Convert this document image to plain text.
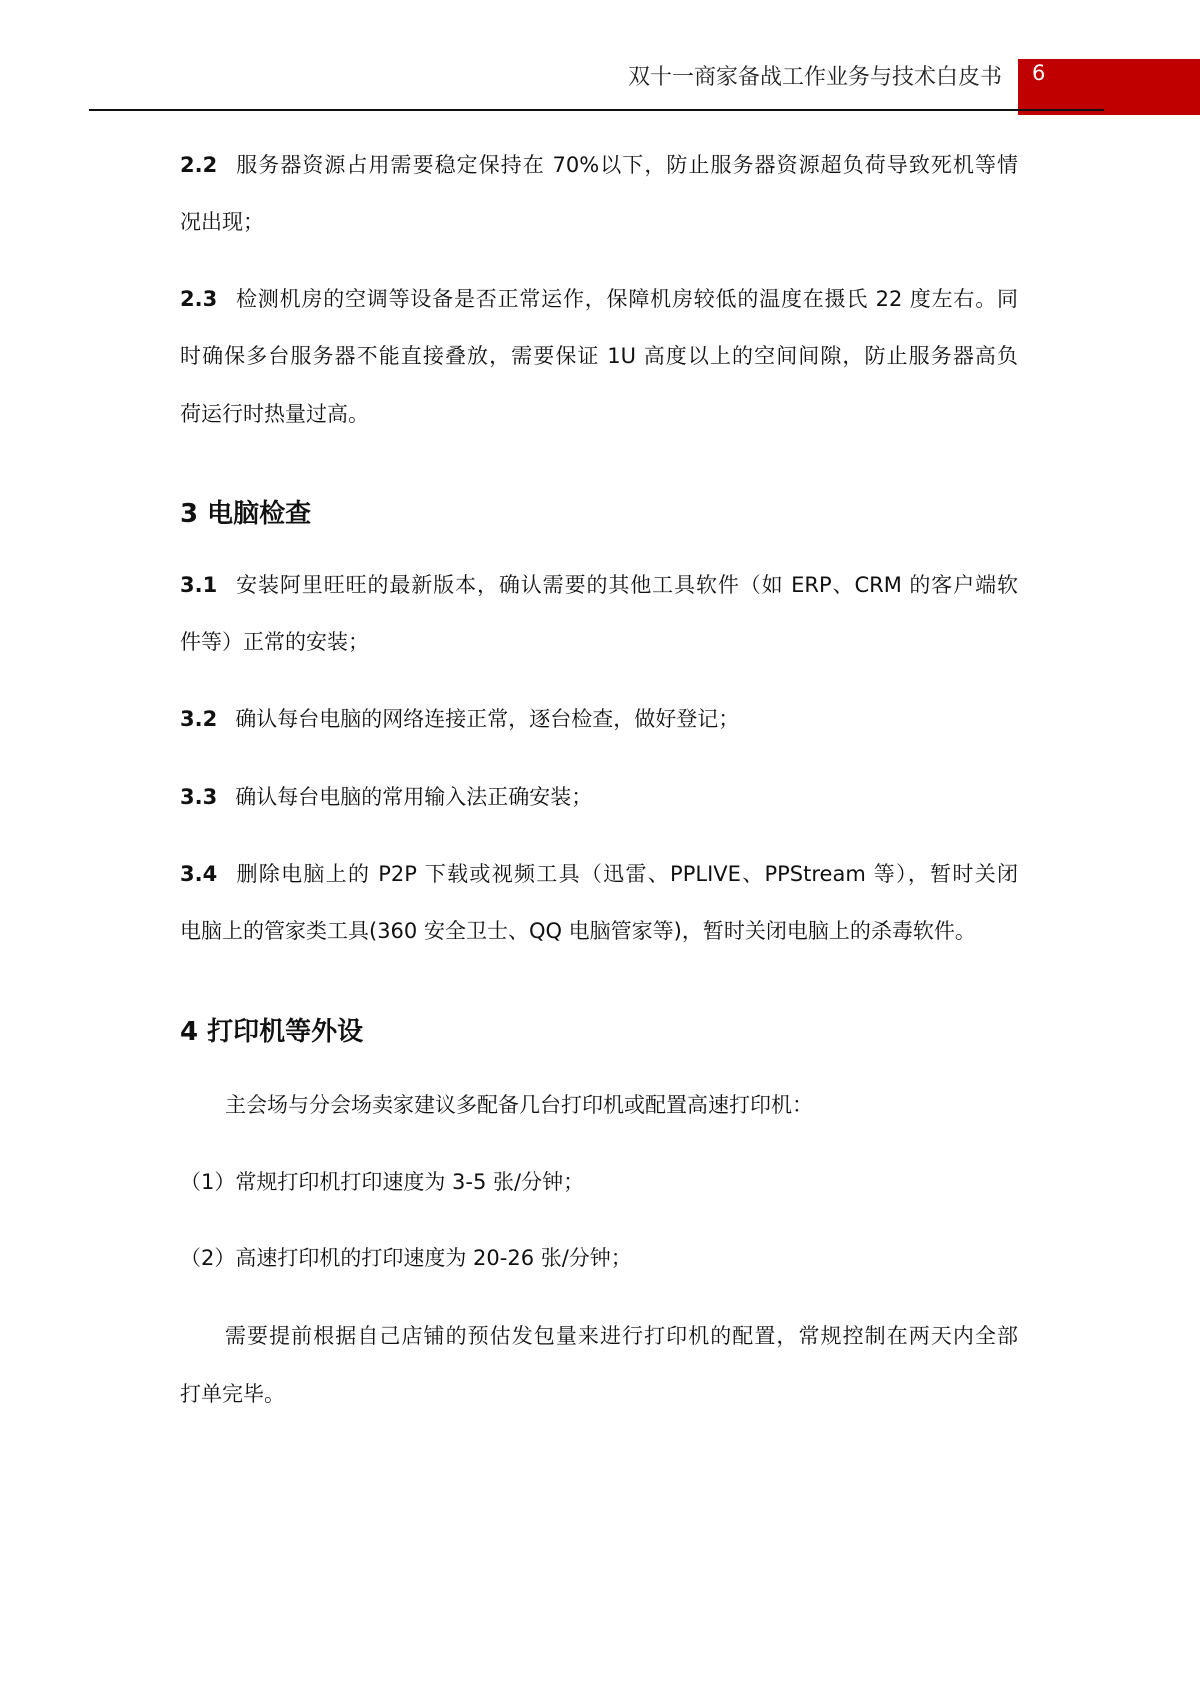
双十一商家备战工作业务与技术白皮书	6
2.2 服务器资源占用需要稳定保持在 70%以下，防止服务器资源超负荷导致死机等情
况出现；
2.3 检测机房的空调等设备是否正常运作，保障机房较低的温度在摄氏 22 度左右。同
时确保多台服务器不能直接叠放，需要保证 1U 高度以上的空间间隙，防止服务器高负
荷运行时热量过高。
3 电脑检查
3.1 安装阿里旺旺的最新版本，确认需要的其他工具软件（如 ERP、CRM 的客户端软
件等）正常的安装；
3.2 确认每台电脑的网络连接正常，逐台检查，做好登记；
3.3 确认每台电脑的常用输入法正确安装；
3.4 删除电脑上的 P2P 下载或视频工具（迅雷、PPLIVE、PPStream 等），暂时关闭
电脑上的管家类工具(360 安全卫士、QQ 电脑管家等)，暂时关闭电脑上的杀毒软件。
4 打印机等外设
主会场与分会场卖家建议多配备几台打印机或配置高速打印机：
（1）常规打印机打印速度为 3-5 张/分钟；
（2）高速打印机的打印速度为 20-26 张/分钟；
需要提前根据自己店铺的预估发包量来进行打印机的配置，常规控制在两天内全部
打单完毕。
